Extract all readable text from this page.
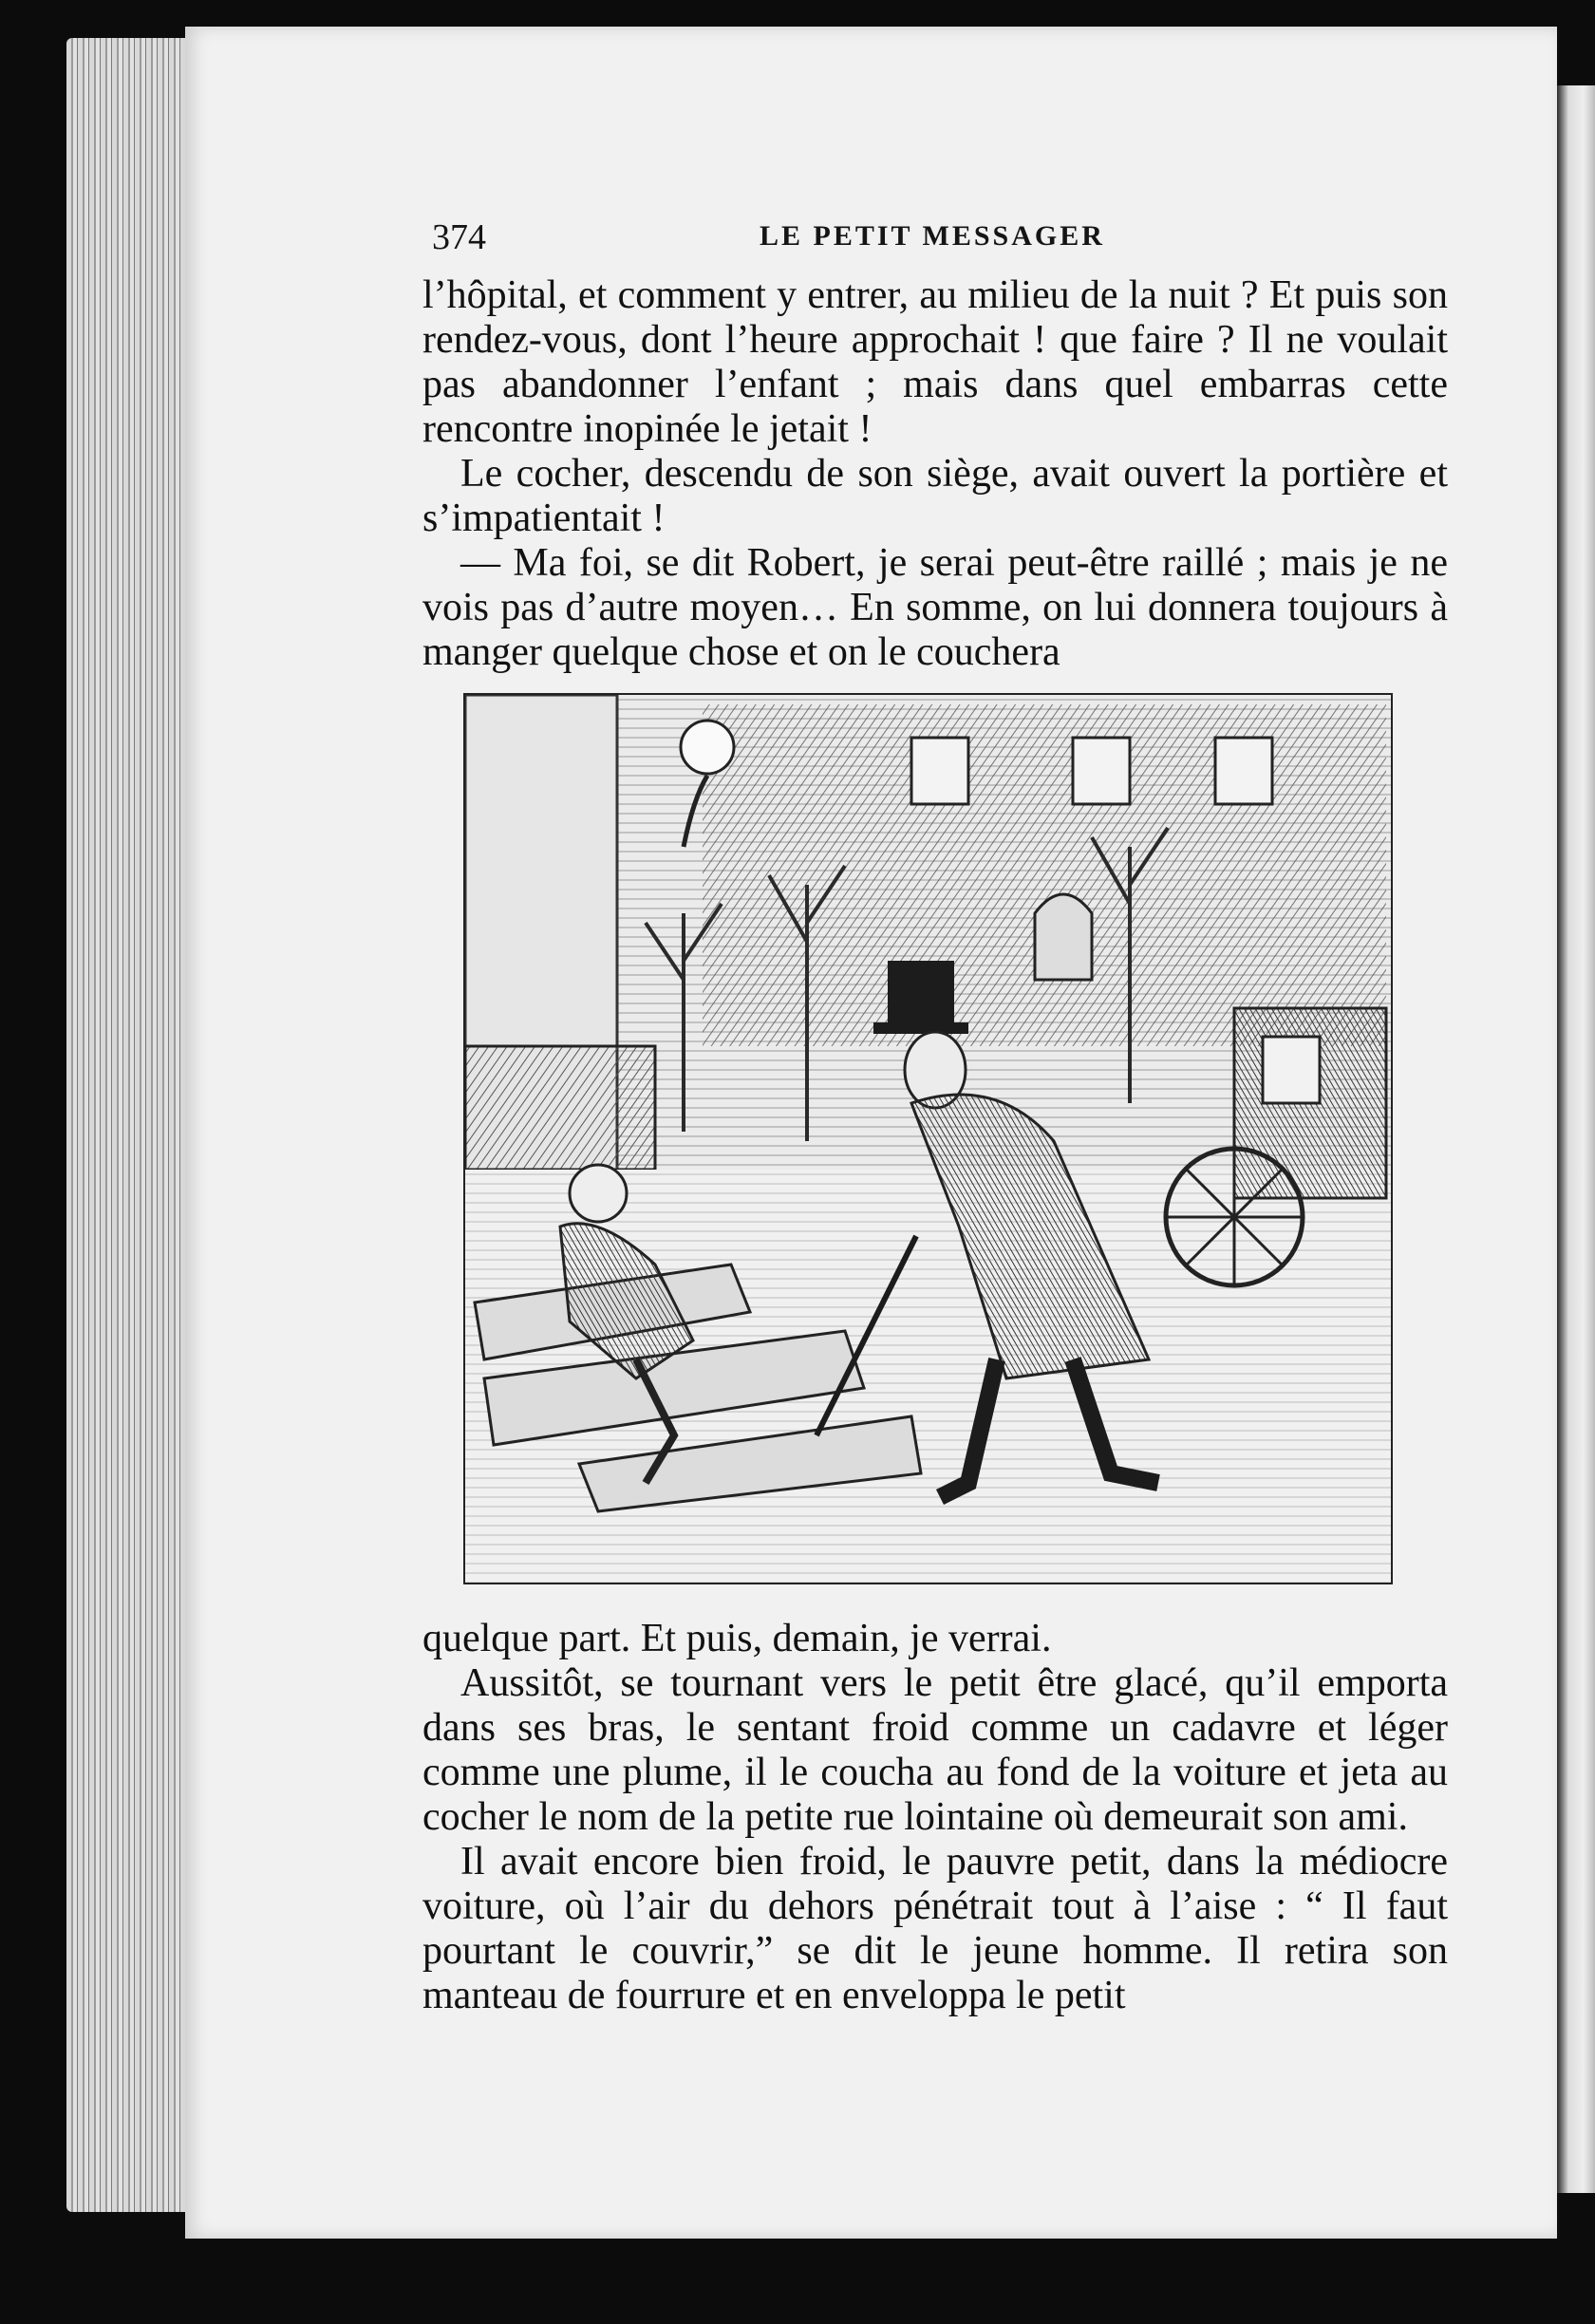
374	LE PETIT MESSAGER

l’hôpital, et comment y entrer, au milieu de la nuit ? Et puis son rendez-vous, dont l’heure approchait ! que faire ? Il ne voulait pas abandonner l’enfant ; mais dans quel embarras cette rencontre inopinée le jetait !

Le cocher, descendu de son siège, avait ouvert la portière et s’impatientait !

— Ma foi, se dit Robert, je serai peut-être raillé ; mais je ne vois pas d’autre moyen… En somme, on lui donnera toujours à manger quelque chose et on le couchera

quelque part. Et puis, demain, je verrai.

Aussitôt, se tournant vers le petit être glacé, qu’il emporta dans ses bras, le sentant froid comme un cadavre et léger comme une plume, il le coucha au fond de la voiture et jeta au cocher le nom de la petite rue lointaine où demeurait son ami.

Il avait encore bien froid, le pauvre petit, dans la médiocre voiture, où l’air du dehors pénétrait tout à l’aise : “ Il faut pourtant le couvrir,” se dit le jeune homme. Il retira son manteau de fourrure et en enveloppa le petit
